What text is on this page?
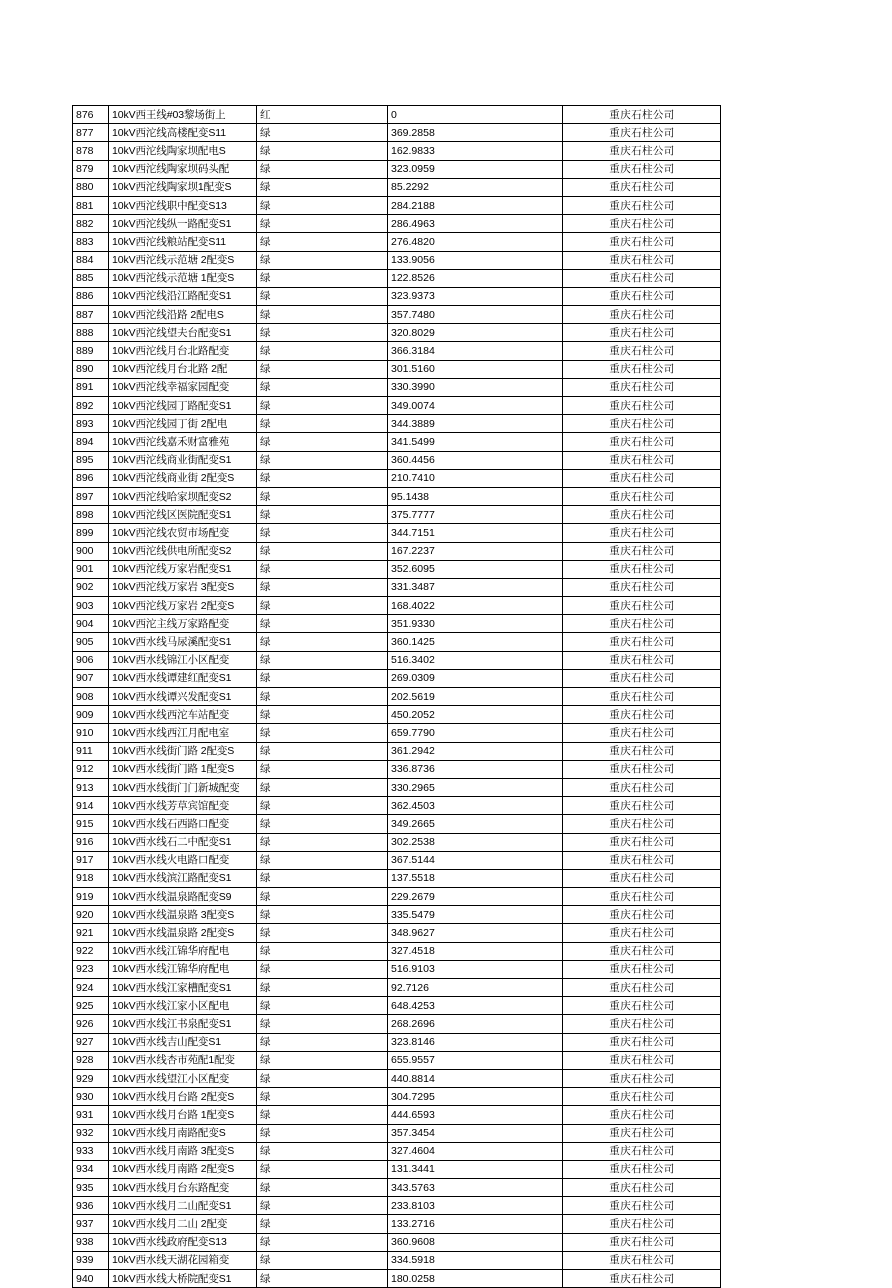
876	10kV西王线#03黎场街上	红	0	重庆石柱公司
877	10kV西沱线高楼配变S11	绿	369.2858	重庆石柱公司
878	10kV西沱线陶家坝配电S	绿	162.9833	重庆石柱公司
879	10kV西沱线陶家坝码头配	绿	323.0959	重庆石柱公司
880	10kV西沱线陶家坝1配变S	绿	85.2292	重庆石柱公司
881	10kV西沱线职中配变S13	绿	284.2188	重庆石柱公司
882	10kV西沱线纵一路配变S1	绿	286.4963	重庆石柱公司
883	10kV西沱线粮站配变S11	绿	276.4820	重庆石柱公司
884	10kV西沱线示范塘 2配变S	绿	133.9056	重庆石柱公司
885	10kV西沱线示范塘 1配变S	绿	122.8526	重庆石柱公司
886	10kV西沱线沿江路配变S1	绿	323.9373	重庆石柱公司
887	10kV西沱线沿路 2配电S	绿	357.7480	重庆石柱公司
888	10kV西沱线望夫台配变S1	绿	320.8029	重庆石柱公司
889	10kV西沱线月台北路配变	绿	366.3184	重庆石柱公司
890	10kV西沱线月台北路 2配	绿	301.5160	重庆石柱公司
891	10kV西沱线幸福家园配变	绿	330.3990	重庆石柱公司
892	10kV西沱线园丁路配变S1	绿	349.0074	重庆石柱公司
893	10kV西沱线园丁街 2配电	绿	344.3889	重庆石柱公司
894	10kV西沱线嘉禾财富雅苑	绿	341.5499	重庆石柱公司
895	10kV西沱线商业街配变S1	绿	360.4456	重庆石柱公司
896	10kV西沱线商业街 2配变S	绿	210.7410	重庆石柱公司
897	10kV西沱线哈家坝配变S2	绿	95.1438	重庆石柱公司
898	10kV西沱线区医院配变S1	绿	375.7777	重庆石柱公司
899	10kV西沱线农贸市场配变	绿	344.7151	重庆石柱公司
900	10kV西沱线供电所配变S2	绿	167.2237	重庆石柱公司
901	10kV西沱线万家岩配变S1	绿	352.6095	重庆石柱公司
902	10kV西沱线万家岩 3配变S	绿	331.3487	重庆石柱公司
903	10kV西沱线万家岩 2配变S	绿	168.4022	重庆石柱公司
904	10kV西沱主线万家路配变	绿	351.9330	重庆石柱公司
905	10kV西水线马尿溪配变S1	绿	360.1425	重庆石柱公司
906	10kV西水线锦江小区配变	绿	516.3402	重庆石柱公司
907	10kV西水线谭建红配变S1	绿	269.0309	重庆石柱公司
908	10kV西水线谭兴发配变S1	绿	202.5619	重庆石柱公司
909	10kV西水线西沱车站配变	绿	450.2052	重庆石柱公司
910	10kV西水线西江月配电室	绿	659.7790	重庆石柱公司
911	10kV西水线街门路 2配变S	绿	361.2942	重庆石柱公司
912	10kV西水线街门路 1配变S	绿	336.8736	重庆石柱公司
913	10kV西水线街门门新城配变	绿	330.2965	重庆石柱公司
914	10kV西水线芳草宾馆配变	绿	362.4503	重庆石柱公司
915	10kV西水线石西路口配变	绿	349.2665	重庆石柱公司
916	10kV西水线石二中配变S1	绿	302.2538	重庆石柱公司
917	10kV西水线火电路口配变	绿	367.5144	重庆石柱公司
918	10kV西水线滨江路配变S1	绿	137.5518	重庆石柱公司
919	10kV西水线温泉路配变S9	绿	229.2679	重庆石柱公司
920	10kV西水线温泉路 3配变S	绿	335.5479	重庆石柱公司
921	10kV西水线温泉路 2配变S	绿	348.9627	重庆石柱公司
922	10kV西水线江锦华府配电	绿	327.4518	重庆石柱公司
923	10kV西水线江锦华府配电	绿	516.9103	重庆石柱公司
924	10kV西水线江家槽配变S1	绿	92.7126	重庆石柱公司
925	10kV西水线江家小区配电	绿	648.4253	重庆石柱公司
926	10kV西水线江书泉配变S1	绿	268.2696	重庆石柱公司
927	10kV西水线吉山配变S1	绿	323.8146	重庆石柱公司
928	10kV西水线杏市苑配1配变	绿	655.9557	重庆石柱公司
929	10kV西水线望江小区配变	绿	440.8814	重庆石柱公司
930	10kV西水线月台路 2配变S	绿	304.7295	重庆石柱公司
931	10kV西水线月台路 1配变S	绿	444.6593	重庆石柱公司
932	10kV西水线月南路配变S	绿	357.3454	重庆石柱公司
933	10kV西水线月南路 3配变S	绿	327.4604	重庆石柱公司
934	10kV西水线月南路 2配变S	绿	131.3441	重庆石柱公司
935	10kV西水线月台东路配变	绿	343.5763	重庆石柱公司
936	10kV西水线月二山配变S1	绿	233.8103	重庆石柱公司
937	10kV西水线月二山 2配变	绿	133.2716	重庆石柱公司
938	10kV西水线政府配变S13	绿	360.9608	重庆石柱公司
939	10kV西水线天湖花园箱变	绿	334.5918	重庆石柱公司
940	10kV西水线大桥院配变S1	绿	180.0258	重庆石柱公司
